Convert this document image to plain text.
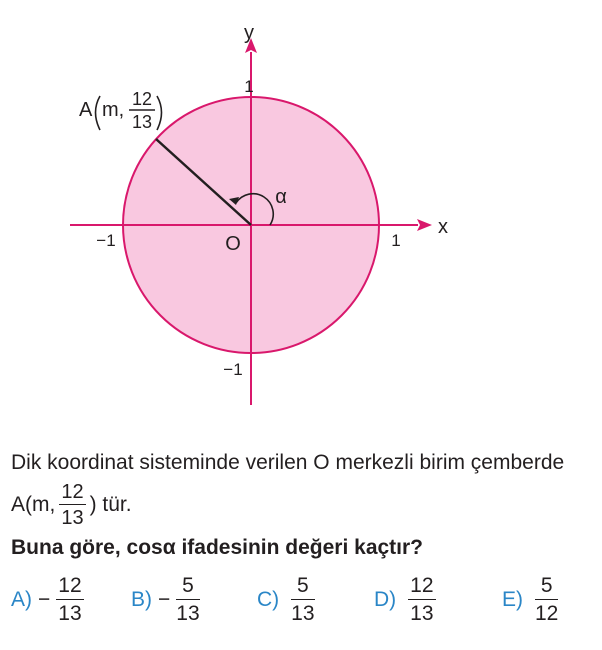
y
x
O	1
−1
1
−1
α
A m, 12
13
Dik koordinat sisteminde verilen O merkezli birim çemberde
A(m, $\frac{12}{13}$ ) tür.
Buna göre, cosα ifadesinin değeri kaçtır?
$A) - \frac{12}{13} B) - \frac{5}{13}$	$C) \frac{5}{13}$	$D) \frac{12}{13}$	$E) \frac{5}{12}$
